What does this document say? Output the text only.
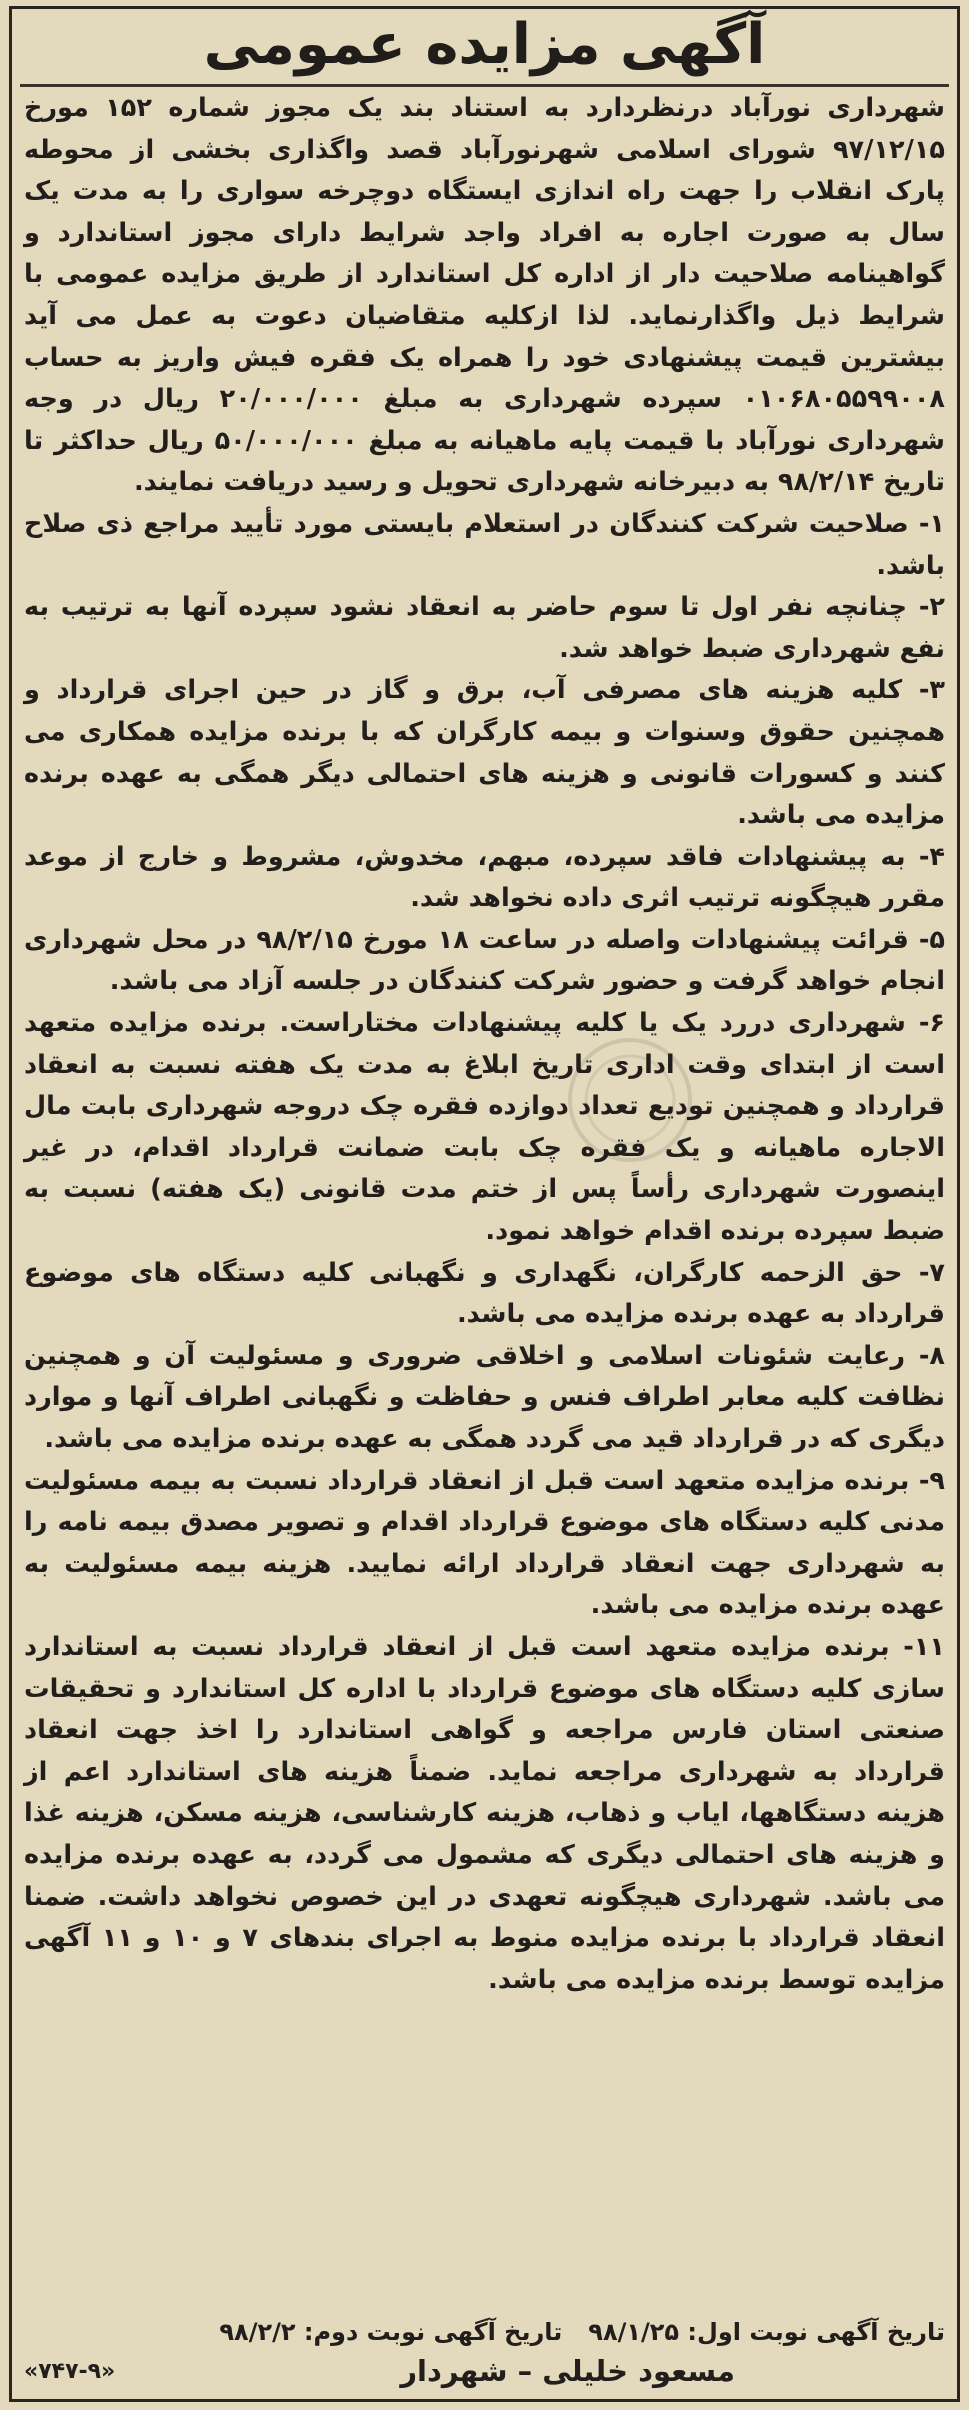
آگهی مزایده عمومی

شهرداری نورآباد درنظردارد به استناد بند یک مجوز شماره ۱۵۲ مورخ ۹۷/۱۲/۱۵ شورای اسلامی شهرنورآباد قصد واگذاری بخشی از محوطه پارک انقلاب را جهت راه اندازی ایستگاه دوچرخه سواری را به مدت یک سال به صورت اجاره به افراد واجد شرایط دارای مجوز استاندارد و گواهینامه صلاحیت دار از اداره کل استاندارد از طریق مزایده عمومی با شرایط ذیل واگذارنماید. لذا ازکلیه متقاضیان دعوت به عمل می آید بیشترین قیمت پیشنهادی خود را همراه یک فقره فیش واریز به حساب ۰۱۰۶۸۰۵۵۹۹۰۰۸ سپرده شهرداری به مبلغ ۲۰/۰۰۰/۰۰۰ ریال در وجه شهرداری نورآباد با قیمت پایه ماهیانه به مبلغ ۵۰/۰۰۰/۰۰۰ ریال حداکثر تا تاریخ ۹۸/۲/۱۴ به دبیرخانه شهرداری تحویل و رسید دریافت نمایند.

۱- صلاحیت شرکت کنندگان در استعلام بایستی مورد تأیید مراجع ذی صلاح باشد.

۲- چنانچه نفر اول تا سوم حاضر به انعقاد نشود سپرده آنها به ترتیب به نفع شهرداری ضبط خواهد شد.

۳- کلیه هزینه های مصرفی آب، برق و گاز در حین اجرای قرارداد و همچنین حقوق وسنوات و بیمه کارگران که با برنده مزایده همکاری می کنند و کسورات قانونی و هزینه های احتمالی دیگر همگی به عهده برنده مزایده می باشد.

۴- به پیشنهادات فاقد سپرده، مبهم، مخدوش، مشروط و خارج از موعد مقرر هیچگونه ترتیب اثری داده نخواهد شد.

۵- قرائت پیشنهادات واصله در ساعت ۱۸ مورخ ۹۸/۲/۱۵ در محل شهرداری انجام خواهد گرفت و حضور شرکت کنندگان در جلسه آزاد می باشد.

۶- شهرداری دررد یک یا کلیه پیشنهادات مختاراست. برنده مزایده متعهد است از ابتدای وقت اداری تاریخ ابلاغ به مدت یک هفته نسبت به انعقاد قرارداد و همچنین تودیع تعداد دوازده فقره چک دروجه شهرداری بابت مال الاجاره ماهیانه و یک فقره چک بابت ضمانت قرارداد اقدام، در غیر اینصورت شهرداری رأساً پس از ختم مدت قانونی (یک هفته) نسبت به ضبط سپرده برنده اقدام خواهد نمود.

۷- حق الزحمه کارگران، نگهداری و نگهبانی کلیه دستگاه های موضوع قرارداد به عهده برنده مزایده می باشد.

۸- رعایت شئونات اسلامی و اخلاقی ضروری و مسئولیت آن و همچنین نظافت کلیه معابر اطراف فنس و حفاظت و نگهبانی اطراف آنها و موارد دیگری که در قرارداد قید می گردد همگی به عهده برنده مزایده می باشد.

۹- برنده مزایده متعهد است قبل از انعقاد قرارداد نسبت به بیمه مسئولیت مدنی کلیه دستگاه های موضوع قرارداد اقدام و تصویر مصدق بیمه نامه را به شهرداری جهت انعقاد قرارداد ارائه نمایید. هزینه بیمه مسئولیت به عهده برنده مزایده می باشد.

۱۱- برنده مزایده متعهد است قبل از انعقاد قرارداد نسبت به استاندارد سازی کلیه دستگاه های موضوع قرارداد با اداره کل استاندارد و تحقیقات صنعتی استان فارس مراجعه و گواهی استاندارد را اخذ جهت انعقاد قرارداد به شهرداری مراجعه نماید. ضمناً هزینه های استاندارد اعم از هزینه دستگاهها، ایاب و ذهاب، هزینه کارشناسی، هزینه مسکن، هزینه غذا و هزینه های احتمالی دیگری که مشمول می گردد، به عهده برنده مزایده می باشد. شهرداری هیچگونه تعهدی در این خصوص نخواهد داشت. ضمنا انعقاد قرارداد با برنده مزایده منوط به اجرای بندهای ۷ و ۱۰ و ۱۱ آگهی مزایده توسط برنده مزایده می باشد.

تاریخ آگهی نوبت اول: ۹۸/۱/۲۵
تاریخ آگهی نوبت دوم: ۹۸/۲/۲
مسعود خلیلی – شهردار
«۷۴۷-۹»
